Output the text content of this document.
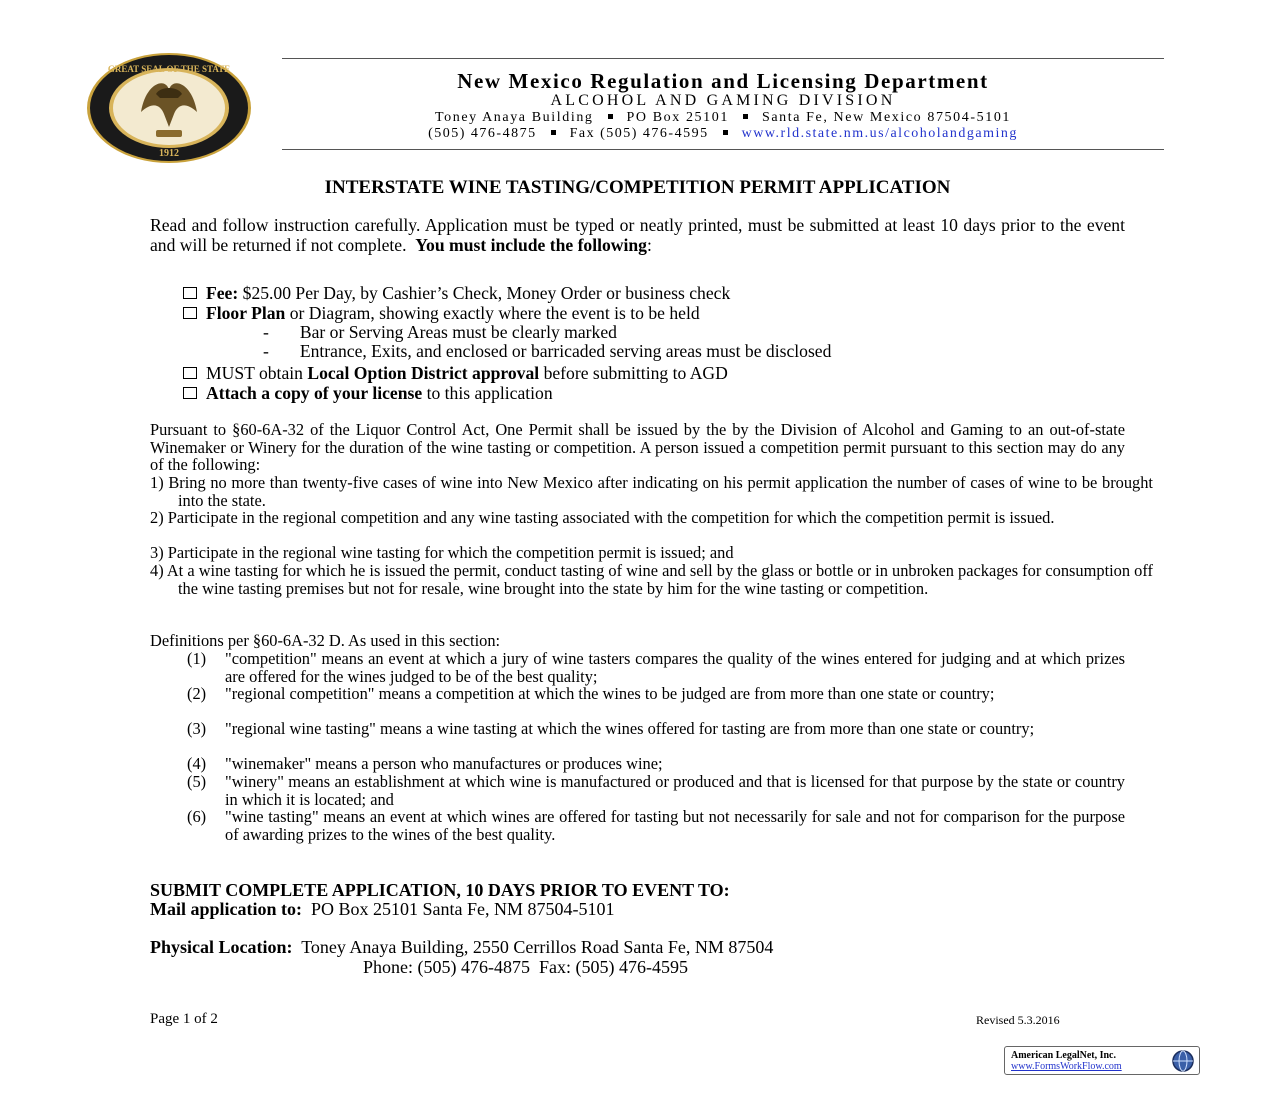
GREAT SEAL OF THE STATE
1912
New Mexico Regulation and Licensing Department
ALCOHOL AND GAMING DIVISION
Toney Anaya Building PO Box 25101 Santa Fe, New Mexico 87504-5101
(505) 476-4875 Fax (505) 476-4595 www.rld.state.nm.us/alcoholandgaming
INTERSTATE WINE TASTING/COMPETITION PERMIT APPLICATION
Read and follow instruction carefully. Application must be typed or neatly printed, must be submitted at least 10 days prior to the event and will be returned if not complete. You must include the following:
Fee: $25.00 Per Day, by Cashier’s Check, Money Order or business check
Floor Plan or Diagram, showing exactly where the event is to be held
- Bar or Serving Areas must be clearly marked
- Entrance, Exits, and enclosed or barricaded serving areas must be disclosed
MUST obtain Local Option District approval before submitting to AGD
Attach a copy of your license to this application
Pursuant to §60-6A-32 of the Liquor Control Act, One Permit shall be issued by the by the Division of Alcohol and Gaming to an out-of-state Winemaker or Winery for the duration of the wine tasting or competition. A person issued a competition permit pursuant to this section may do any of the following:
1) Bring no more than twenty-five cases of wine into New Mexico after indicating on his permit application the number of cases of wine to be brought into the state.
2) Participate in the regional competition and any wine tasting associated with the competition for which the competition permit is issued.
3) Participate in the regional wine tasting for which the competition permit is issued; and
4) At a wine tasting for which he is issued the permit, conduct tasting of wine and sell by the glass or bottle or in unbroken packages for consumption off the wine tasting premises but not for resale, wine brought into the state by him for the wine tasting or competition.
Definitions per §60-6A-32 D. As used in this section:
(1) "competition" means an event at which a jury of wine tasters compares the quality of the wines entered for judging and at which prizes are offered for the wines judged to be of the best quality;
(2) "regional competition" means a competition at which the wines to be judged are from more than one state or country;
(3) "regional wine tasting" means a wine tasting at which the wines offered for tasting are from more than one state or country;
(4) "winemaker" means a person who manufactures or produces wine;
(5) "winery" means an establishment at which wine is manufactured or produced and that is licensed for that purpose by the state or country in which it is located; and
(6) "wine tasting" means an event at which wines are offered for tasting but not necessarily for sale and not for comparison for the purpose of awarding prizes to the wines of the best quality.
SUBMIT COMPLETE APPLICATION, 10 DAYS PRIOR TO EVENT TO:
Mail application to: PO Box 25101 Santa Fe, NM 87504-5101
Physical Location: Toney Anaya Building, 2550 Cerrillos Road Santa Fe, NM 87504
Phone: (505) 476-4875 Fax: (505) 476-4595
Page 1 of 2	Revised 5.3.2016
American LegalNet, Inc.
www.FormsWorkFlow.com
